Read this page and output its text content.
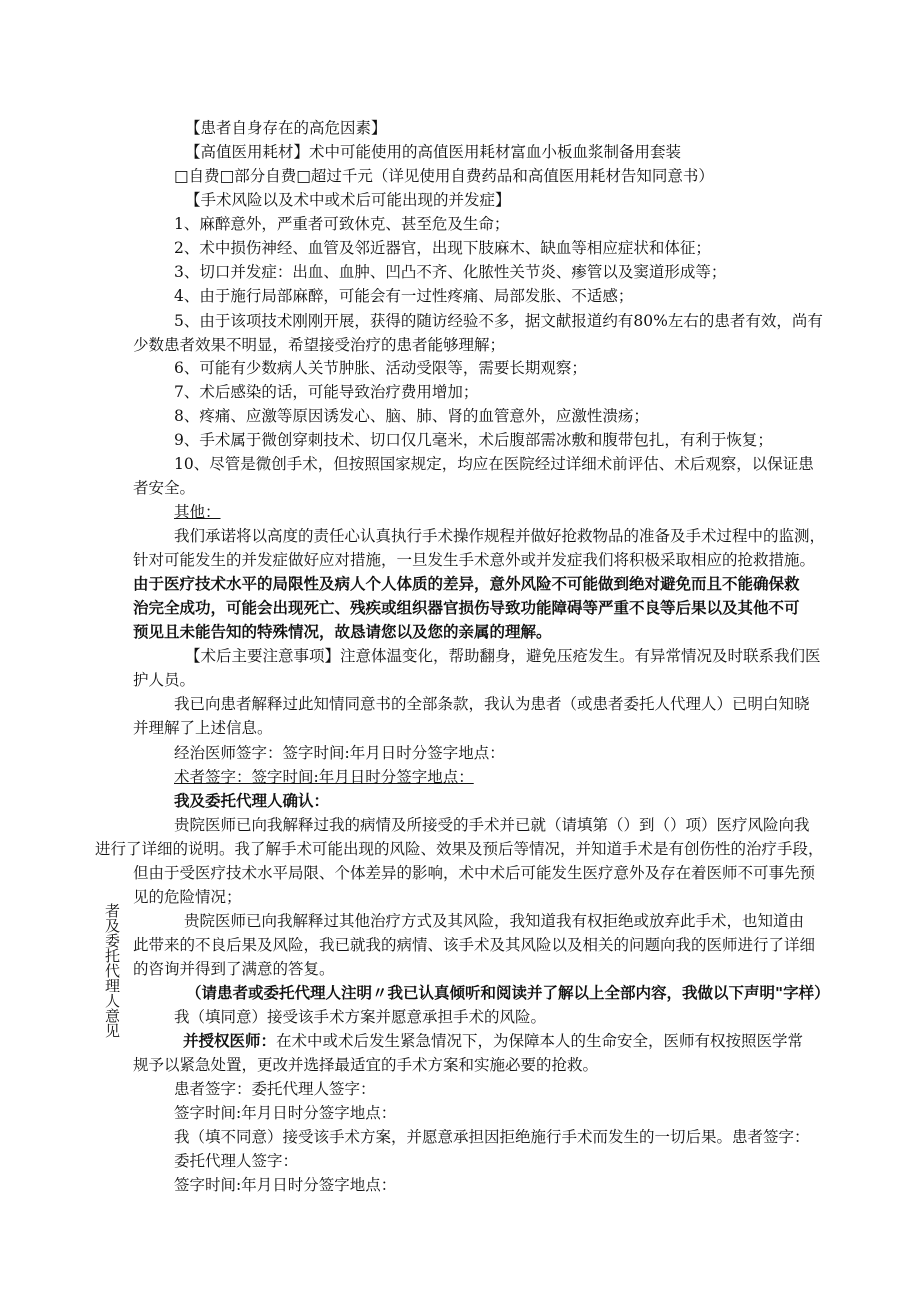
【患者自身存在的高危因素】
【高值医用耗材】术中可能使用的高值医用耗材富血小板血浆制备用套装
□自费□部分自费□超过千元（详见使用自费药品和高值医用耗材告知同意书）
【手术风险以及术中或术后可能出现的并发症】
1、麻醉意外，严重者可致休克、甚至危及生命；
2、术中损伤神经、血管及邻近器官，出现下肢麻木、缺血等相应症状和体征；
3、切口并发症：出血、血肿、凹凸不齐、化脓性关节炎、瘆管以及窦道形成等；
4、由于施行局部麻醉，可能会有一过性疼痛、局部发胀、不适感；
5、由于该项技术刚刚开展，获得的随访经验不多，据文献报道约有80%左右的患者有效，尚有
少数患者效果不明显，希望接受治疗的患者能够理解；
6、可能有少数病人关节肿胀、活动受限等，需要长期观察；
7、术后感染的话，可能导致治疗费用增加；
8、疼痛、应激等原因诱发心、脑、肺、肾的血管意外，应激性溃疡；
9、手术属于微创穿刺技术、切口仅几毫米，术后腹部需冰敷和腹带包扎，有利于恢复；
10、尽管是微创手术，但按照国家规定，均应在医院经过详细术前评估、术后观察，以保证患
者安全。
其他：
我们承诺将以高度的责任心认真执行手术操作规程并做好抢救物品的准备及手术过程中的监测，
针对可能发生的并发症做好应对措施，一旦发生手术意外或并发症我们将积极采取相应的抢救措施。
由于医疗技术水平的局限性及病人个人体质的差异，意外风险不可能做到绝对避免而且不能确保救
治完全成功，可能会出现死亡、残疾或组织器官损伤导致功能障碍等严重不良等后果以及其他不可
预见且未能告知的特殊情况，故恳请您以及您的亲属的理解。
【术后主要注意事项】注意体温变化，帮助翻身，避免压疮发生。有异常情况及时联系我们医
护人员。
我已向患者解释过此知情同意书的全部条款，我认为患者（或患者委托人代理人）已明白知晓
并理解了上述信息。
经治医师签字：签字时间:年月日时分签字地点：
术者签字：签字时间:年月日时分签字地点：
我及委托代理人确认：
贵院医师已向我解释过我的病情及所接受的手术并已就（请填第（）到（）项）医疗风险向我
进行了详细的说明。我了解手术可能出现的风险、效果及预后等情况，并知道手术是有创伤性的治疗手段，
但由于受医疗技术水平局限、个体差异的影响，术中术后可能发生医疗意外及存在着医师不可事先预
见的危险情况；
者及委托代理人意见	贵院医师已向我解释过其他治疗方式及其风险，我知道我有权拒绝或放弃此手术，也知道由
此带来的不良后果及风险，我已就我的病情、该手术及其风险以及相关的问题向我的医师进行了详细
的咨询并得到了满意的答复。
（请患者或委托代理人注明〃我已认真倾听和阅读并了解以上全部内容，我做以下声明"字样）
我（填同意）接受该手术方案并愿意承担手术的风险。
并授权医师：在术中或术后发生紧急情况下，为保障本人的生命安全，医师有权按照医学常
规予以紧急处置，更改并选择最适宜的手术方案和实施必要的抢救。
患者签字：委托代理人签字：
签字时间:年月日时分签字地点：
我（填不同意）接受该手术方案，并愿意承担因拒绝施行手术而发生的一切后果。患者签字：
委托代理人签字：
签字时间:年月日时分签字地点：
